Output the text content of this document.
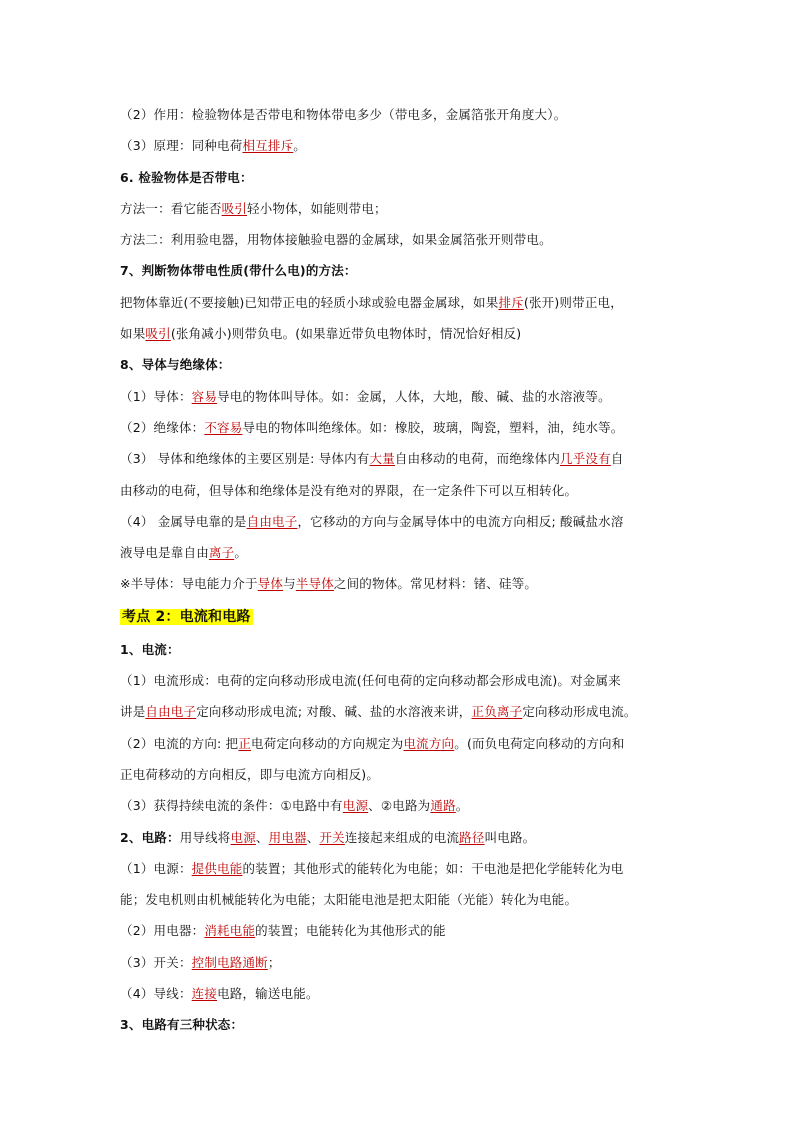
（2）作用：检验物体是否带电和物体带电多少（带电多，金属箔张开角度大）。
（3）原理：同种电荷相互排斥。
6. 检验物体是否带电：
方法一：看它能否吸引轻小物体，如能则带电；
方法二：利用验电器，用物体接触验电器的金属球，如果金属箔张开则带电。
7、判断物体带电性质(带什么电)的方法：
把物体靠近(不要接触)已知带正电的轻质小球或验电器金属球，如果排斥(张开)则带正电，
如果吸引(张角减小)则带负电。(如果靠近带负电物体时，情况恰好相反)
8、导体与绝缘体：
（1）导体：容易导电的物体叫导体。如：金属，人体，大地，酸、碱、盐的水溶液等。
（2）绝缘体：不容易导电的物体叫绝缘体。如：橡胶，玻璃，陶瓷，塑料，油，纯水等。
（3） 导体和绝缘体的主要区别是: 导体内有大量自由移动的电荷，而绝缘体内几乎没有自
由移动的电荷，但导体和绝缘体是没有绝对的界限，在一定条件下可以互相转化。
（4） 金属导电靠的是自由电子，它移动的方向与金属导体中的电流方向相反; 酸碱盐水溶
液导电是靠自由离子。
※半导体：导电能力介于导体与半导体之间的物体。常见材料：锗、硅等。
考点 2：电流和电路
1、电流：
（1）电流形成：电荷的定向移动形成电流(任何电荷的定向移动都会形成电流)。对金属来
讲是自由电子定向移动形成电流; 对酸、碱、盐的水溶液来讲，正负离子定向移动形成电流。
（2）电流的方向: 把正电荷定向移动的方向规定为电流方向。(而负电荷定向移动的方向和
正电荷移动的方向相反，即与电流方向相反)。
（3）获得持续电流的条件：①电路中有电源、②电路为通路。
2、电路：用导线将电源、用电器、开关连接起来组成的电流路径叫电路。
（1）电源：提供电能的装置；其他形式的能转化为电能；如：干电池是把化学能转化为电
能；发电机则由机械能转化为电能；太阳能电池是把太阳能（光能）转化为电能。
（2）用电器：消耗电能的装置；电能转化为其他形式的能
（3）开关：控制电路通断；
（4）导线：连接电路，输送电能。
3、电路有三种状态：
